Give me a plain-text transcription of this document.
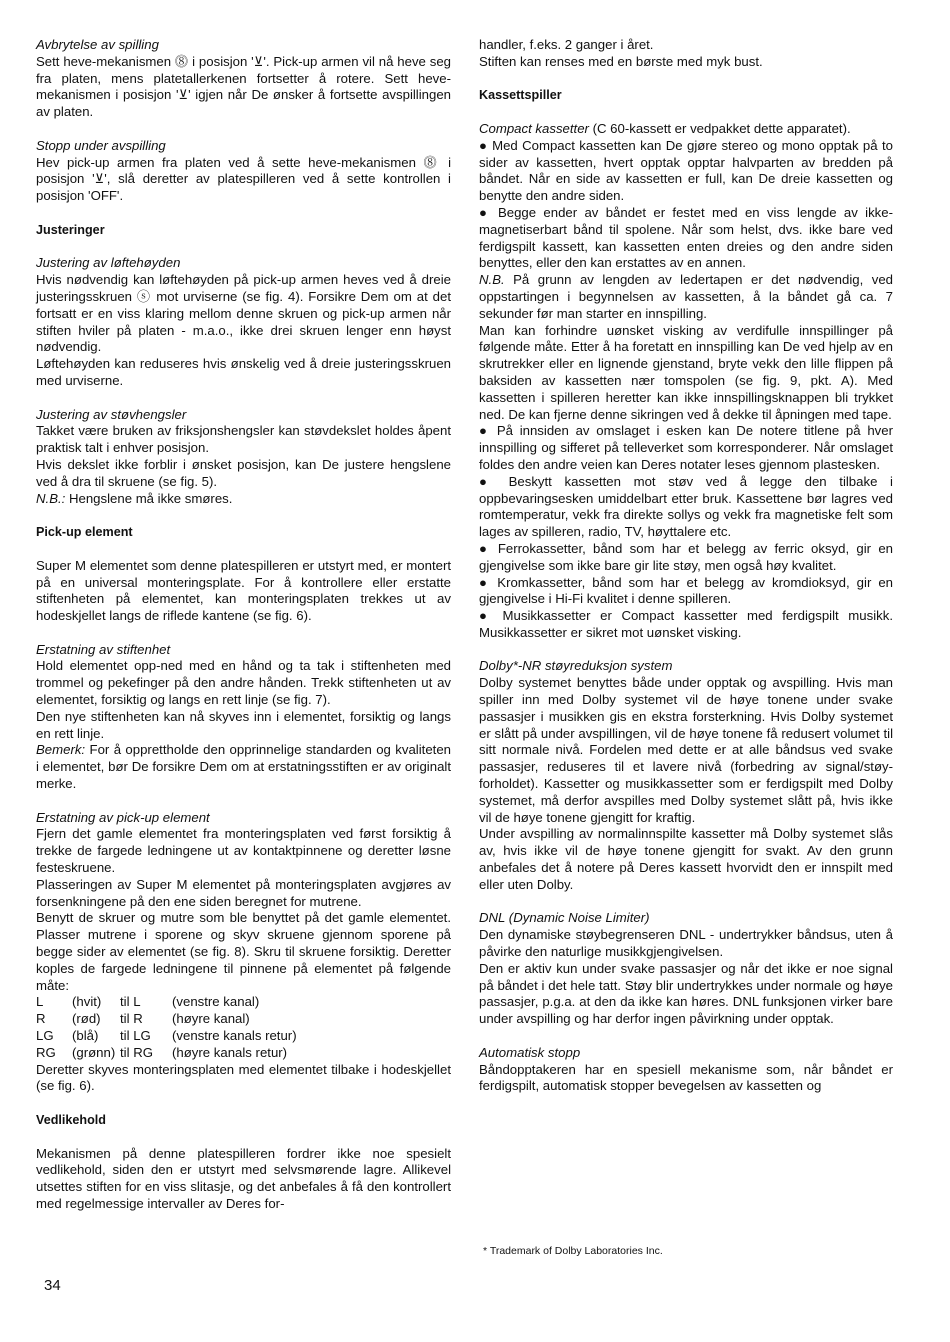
Avbrytelse av spilling

Sett heve-mekanismen ⓼ i posisjon '⊻'. Pick-up armen vil nå heve seg fra platen, mens platetallerkenen fortsetter å rotere. Sett heve-mekanismen i posisjon '⊻' igjen når De ønsker å fortsette avspillingen av platen.

Stopp under avspilling

Hev pick-up armen fra platen ved å sette heve-mekanismen ⓼ i posisjon '⊻', slå deretter av platespilleren ved å sette kontrollen i posisjon 'OFF'.

Justeringer

Justering av løftehøyden

Hvis nødvendig kan løftehøyden på pick-up armen heves ved å dreie justeringsskruen ⓢ mot urviserne (se fig. 4). Forsikre Dem om at det fortsatt er en viss klaring mellom denne skruen og pick-up armen når stiften hviler på platen - m.a.o., ikke drei skruen lenger enn høyst nødvendig.

Løftehøyden kan reduseres hvis ønskelig ved å dreie justeringsskruen med urviserne.

Justering av støvhengsler

Takket være bruken av friksjonshengsler kan støvdekslet holdes åpent praktisk talt i enhver posisjon.

Hvis dekslet ikke forblir i ønsket posisjon, kan De justere hengslene ved å dra til skruene (se fig. 5).

N.B.: Hengslene må ikke smøres.

Pick-up element

Super M elementet som denne platespilleren er utstyrt med, er montert på en universal monteringsplate. For å kontrollere eller erstatte stiftenheten på elementet, kan monteringsplaten trekkes ut av hodeskjellet langs de riflede kantene (se fig. 6).

Erstatning av stiftenhet

Hold elementet opp-ned med en hånd og ta tak i stiftenheten med trommel og pekefinger på den andre hånden. Trekk stiftenheten ut av elementet, forsiktig og langs en rett linje (se fig. 7).

Den nye stiftenheten kan nå skyves inn i elementet, forsiktig og langs en rett linje.

Bemerk: For å opprettholde den opprinnelige standarden og kvaliteten i elementet, bør De forsikre Dem om at erstatningsstiften er av originalt merke.

Erstatning av pick-up element

Fjern det gamle elementet fra monteringsplaten ved først forsiktig å trekke de fargede ledningene ut av kontaktpinnene og deretter løsne festeskruene.

Plasseringen av Super M elementet på monteringsplaten avgjøres av forsenkningene på den ene siden beregnet for mutrene.

Benytt de skruer og mutre som ble benyttet på det gamle elementet. Plasser mutrene i sporene og skyv skruene gjennom sporene på begge sider av elementet (se fig. 8). Skru til skruene forsiktig. Deretter koples de fargede ledningene til pinnene på elementet på følgende måte:

L	(hvit)	til L	(venstre kanal)
R	(rød)	til R	(høyre kanal)
LG	(blå)	til LG	(venstre kanals retur)
RG	(grønn) til RG	(høyre kanals retur)

Deretter skyves monteringsplaten med elementet tilbake i hodeskjellet (se fig. 6).

Vedlikehold

Mekanismen på denne platespilleren fordrer ikke noe spesielt vedlikehold, siden den er utstyrt med selvsmørende lagre. Allikevel utsettes stiften for en viss slitasje, og det anbefales å få den kontrollert med regelmessige intervaller av Deres for-

handler, f.eks. 2 ganger i året.

Stiften kan renses med en børste med myk bust.

Kassettspiller

Compact kassetter (C 60-kassett er vedpakket dette apparatet).

● Med Compact kassetten kan De gjøre stereo og mono opptak på to sider av kassetten, hvert opptak opptar halvparten av bredden på båndet. Når en side av kassetten er full, kan De dreie kassetten og benytte den andre siden.

● Begge ender av båndet er festet med en viss lengde av ikke-magnetiserbart bånd til spolene. Når som helst, dvs. ikke bare ved ferdigspilt kassett, kan kassetten enten dreies og den andre siden benyttes, eller den kan erstattes av en annen.

N.B. På grunn av lengden av ledertapen er det nødvendig, ved oppstartingen i begynnelsen av kassetten, å la båndet gå ca. 7 sekunder før man starter en innspilling.

Man kan forhindre uønsket visking av verdifulle innspillinger på følgende måte. Etter å ha foretatt en innspilling kan De ved hjelp av en skrutrekker eller en lignende gjenstand, bryte vekk den lille flippen på baksiden av kassetten nær tomspolen (se fig. 9, pkt. A). Med kassetten i spilleren heretter kan ikke innspillingsknappen bli trykket ned. De kan fjerne denne sikringen ved å dekke til åpningen med tape.

● På innsiden av omslaget i esken kan De notere titlene på hver innspilling og sifferet på telleverket som korresponderer. Når omslaget foldes den andre veien kan Deres notater leses gjennom plastesken.

● Beskytt kassetten mot støv ved å legge den tilbake i oppbevaringsesken umiddelbart etter bruk. Kassettene bør lagres ved romtemperatur, vekk fra direkte sollys og vekk fra magnetiske felt som lages av spilleren, radio, TV, høyttalere etc.

● Ferrokassetter, bånd som har et belegg av ferric oksyd, gir en gjengivelse som ikke bare gir lite støy, men også høy kvalitet.

● Kromkassetter, bånd som har et belegg av kromdioksyd, gir en gjengivelse i Hi-Fi kvalitet i denne spilleren.

● Musikkassetter er Compact kassetter med ferdigspilt musikk. Musikkassetter er sikret mot uønsket visking.

Dolby*-NR støyreduksjon system

Dolby systemet benyttes både under opptak og avspilling. Hvis man spiller inn med Dolby systemet vil de høye tonene under svake passasjer i musikken gis en ekstra forsterkning. Hvis Dolby systemet er slått på under avspillingen, vil de høye tonene få redusert volumet til sitt normale nivå. Fordelen med dette er at alle båndsus ved svake passasjer, reduseres til et lavere nivå (forbedring av signal/støy-forholdet). Kassetter og musikkassetter som er ferdigspilt med Dolby systemet, må derfor avspilles med Dolby systemet slått på, hvis ikke vil de høye tonene gjengitt for kraftig.

Under avspilling av normalinnspilte kassetter må Dolby systemet slås av, hvis ikke vil de høye tonene gjengitt for svakt. Av den grunn anbefales det å notere på Deres kassett hvorvidt den er innspilt med eller uten Dolby.

DNL (Dynamic Noise Limiter)

Den dynamiske støybegrenseren DNL - undertrykker båndsus, uten å påvirke den naturlige musikkgjengivelsen.

Den er aktiv kun under svake passasjer og når det ikke er noe signal på båndet i det hele tatt. Støy blir undertrykkes under normale og høye passasjer, p.g.a. at den da ikke kan høres. DNL funksjonen virker bare under avspilling og har derfor ingen påvirkning under opptak.

Automatisk stopp

Båndopptakeren har en spesiell mekanisme som, når båndet er ferdigspilt, automatisk stopper bevegelsen av kassetten og

* Trademark of Dolby Laboratories Inc.
34
